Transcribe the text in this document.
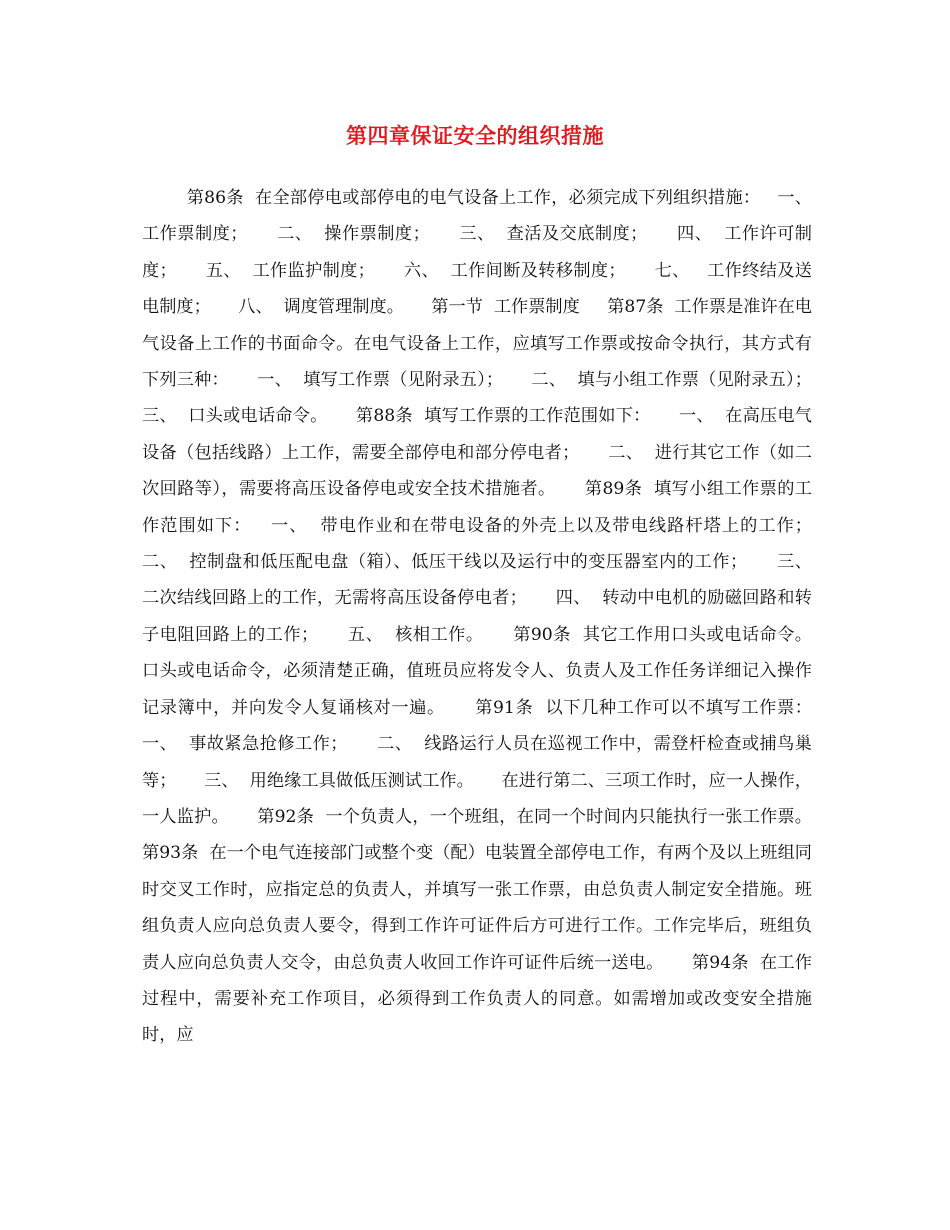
第四章保证安全的组织措施

第86条  在全部停电或部停电的电气设备上工作，必须完成下列组织措施：   一、  工作票制度；     二、  操作票制度；     三、  查活及交底制度；     四、  工作许可制度；     五、  工作监护制度；     六、  工作间断及转移制度；     七、   工作终结及送电制度；     八、  调度管理制度。     第一节  工作票制度     第87条  工作票是准许在电气设备上工作的书面命令。在电气设备上工作，应填写工作票或按命令执行，其方式有下列三种：     一、  填写工作票（见附录五）；     二、  填与小组工作票（见附录五）；     三、  口头或电话命令。     第88条  填写工作票的工作范围如下：     一、  在高压电气设备（包括线路）上工作，需要全部停电和部分停电者；     二、  进行其它工作（如二次回路等），需要将高压设备停电或安全技术措施者。     第89条  填写小组工作票的工作范围如下：   一、  带电作业和在带电设备的外壳上以及带电线路杆塔上的工作；     二、  控制盘和低压配电盘（箱）、低压干线以及运行中的变压器室内的工作；     三、  二次结线回路上的工作，无需将高压设备停电者；     四、  转动中电机的励磁回路和转子电阻回路上的工作；     五、  核相工作。     第90条  其它工作用口头或电话命令。     口头或电话命令，必须清楚正确，值班员应将发令人、负责人及工作任务详细记入操作记录簿中，并向发令人复诵核对一遍。     第91条  以下几种工作可以不填写工作票：     一、  事故紧急抢修工作；     二、  线路运行人员在巡视工作中，需登杆检查或捕鸟巢等；     三、  用绝缘工具做低压测试工作。     在进行第二、三项工作时，应一人操作，一人监护。     第92条  一个负责人，一个班组，在同一个时间内只能执行一张工作票。     第93条  在一个电气连接部门或整个变（配）电装置全部停电工作，有两个及以上班组同时交叉工作时，应指定总的负责人，并填写一张工作票，由总负责人制定安全措施。班组负责人应向总负责人要令，得到工作许可证件后方可进行工作。工作完毕后，班组负责人应向总负责人交令，由总负责人收回工作许可证件后统一送电。     第94条  在工作过程中，需要补充工作项目，必须得到工作负责人的同意。如需增加或改变安全措施时，应
